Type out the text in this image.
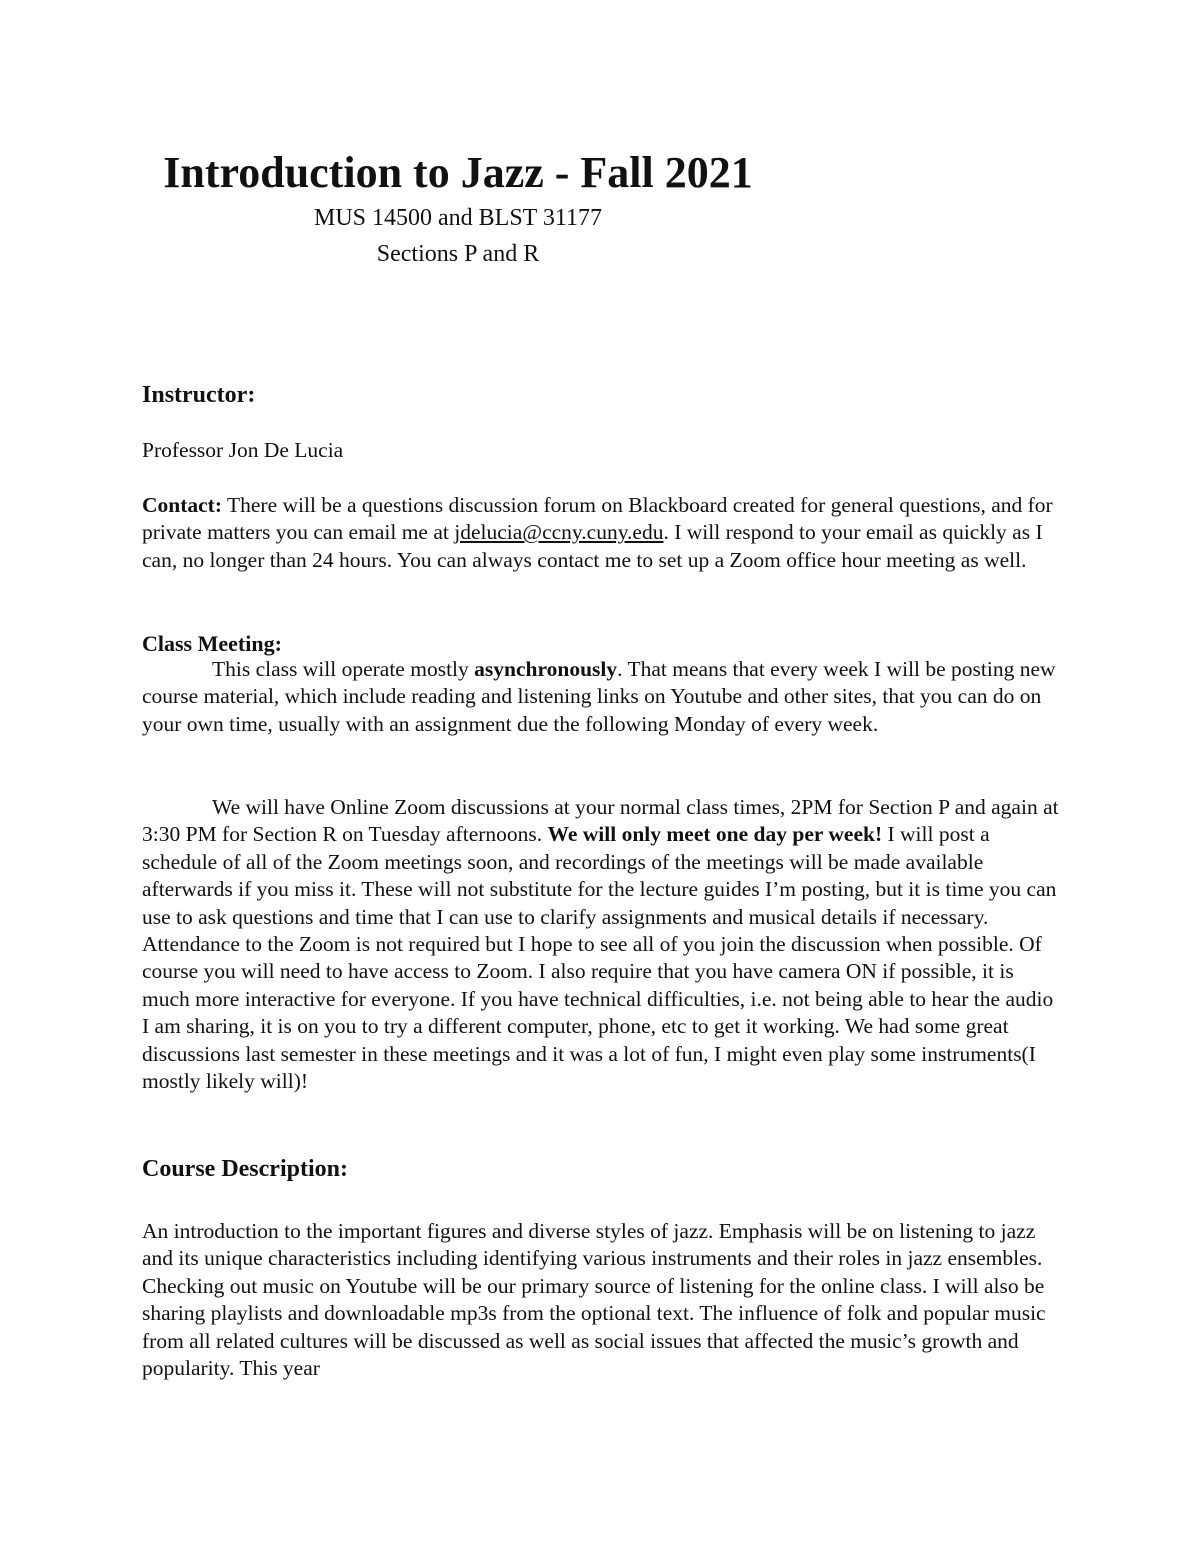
Introduction to Jazz - Fall 2021

MUS 14500 and BLST 31177

Sections P and R

Instructor:

Professor Jon De Lucia

Contact: There will be a questions discussion forum on Blackboard created for general questions, and for private matters you can email me at jdelucia@ccny.cuny.edu. I will respond to your email as quickly as I can, no longer than 24 hours. You can always contact me to set up a Zoom office hour meeting as well.

Class Meeting:

This class will operate mostly asynchronously. That means that every week I will be posting new course material, which include reading and listening links on Youtube and other sites, that you can do on your own time, usually with an assignment due the following Monday of every week.

We will have Online Zoom discussions at your normal class times, 2PM for Section P and again at 3:30 PM for Section R on Tuesday afternoons. We will only meet one day per week! I will post a schedule of all of the Zoom meetings soon, and recordings of the meetings will be made available afterwards if you miss it. These will not substitute for the lecture guides I’m posting, but it is time you can use to ask questions and time that I can use to clarify assignments and musical details if necessary. Attendance to the Zoom is not required but I hope to see all of you join the discussion when possible. Of course you will need to have access to Zoom. I also require that you have camera ON if possible, it is much more interactive for everyone. If you have technical difficulties, i.e. not being able to hear the audio I am sharing, it is on you to try a different computer, phone, etc to get it working. We had some great discussions last semester in these meetings and it was a lot of fun, I might even play some instruments(I mostly likely will)!

Course Description:

An introduction to the important figures and diverse styles of jazz. Emphasis will be on listening to jazz and its unique characteristics including identifying various instruments and their roles in jazz ensembles. Checking out music on Youtube will be our primary source of listening for the online class. I will also be sharing playlists and downloadable mp3s from the optional text. The influence of folk and popular music from all related cultures will be discussed as well as social issues that affected the music’s growth and popularity. This year
